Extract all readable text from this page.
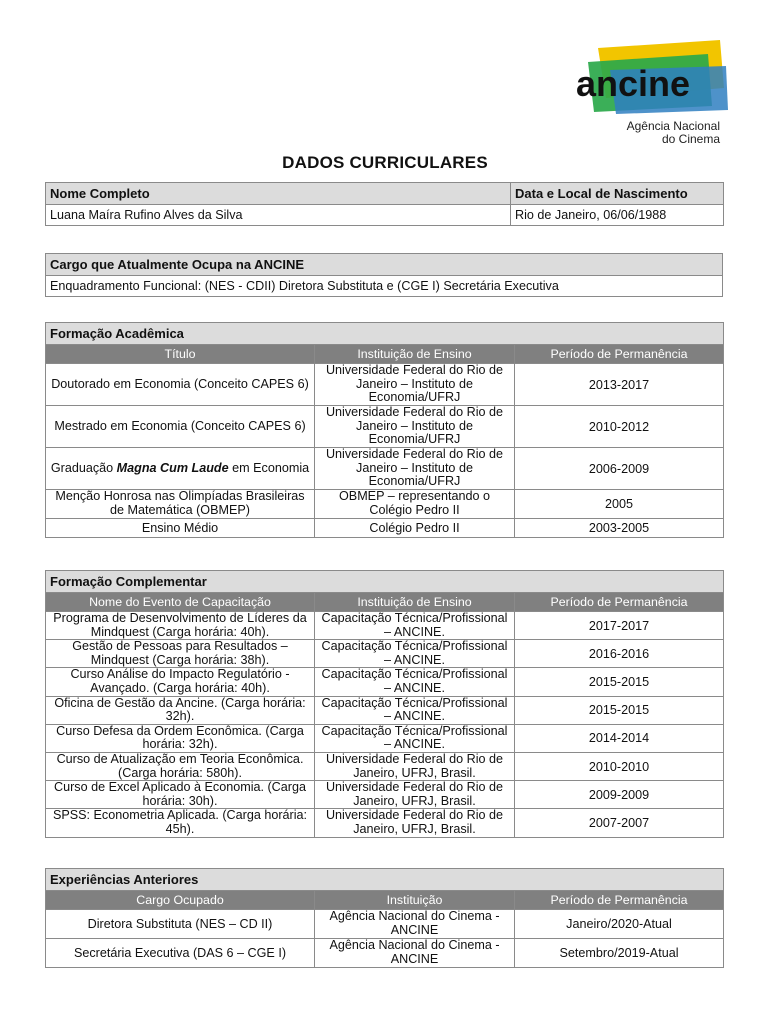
ancine
Agência Nacional
do Cinema
DADOS CURRICULARES
Nome Completo	Data e Local de Nascimento
Luana Maíra Rufino Alves da Silva	Rio de Janeiro, 06/06/1988
Cargo que Atualmente Ocupa na ANCINE
Enquadramento Funcional: (NES - CDII) Diretora Substituta e (CGE I) Secretária Executiva
Formação Acadêmica		
Título	Instituição de Ensino	Período de Permanência
Doutorado em Economia (Conceito CAPES 6)	Universidade Federal do Rio de Janeiro – Instituto de Economia/UFRJ	2013-2017
Mestrado em Economia (Conceito CAPES 6)	Universidade Federal do Rio de Janeiro – Instituto de Economia/UFRJ	2010-2012
Graduação Magna Cum Laude em Economia	Universidade Federal do Rio de Janeiro – Instituto de Economia/UFRJ	2006-2009
Menção Honrosa nas Olimpíadas Brasileiras de Matemática (OBMEP)	OBMEP – representando o Colégio Pedro II	2005
Ensino Médio	Colégio Pedro II	2003-2005
Formação Complementar		
Nome do Evento de Capacitação	Instituição de Ensino	Período de Permanência
Programa de Desenvolvimento de Líderes da Mindquest (Carga horária: 40h).	Capacitação Técnica/Profissional – ANCINE.	2017-2017
Gestão de Pessoas para Resultados – Mindquest (Carga horária: 38h).	Capacitação Técnica/Profissional – ANCINE.	2016-2016
Curso Análise do Impacto Regulatório - Avançado. (Carga horária: 40h).	Capacitação Técnica/Profissional – ANCINE.	2015-2015
Oficina de Gestão da Ancine. (Carga horária: 32h).	Capacitação Técnica/Profissional – ANCINE.	2015-2015
Curso Defesa da Ordem Econômica. (Carga horária: 32h).	Capacitação Técnica/Profissional – ANCINE.	2014-2014
Curso de Atualização em Teoria Econômica. (Carga horária: 580h).	Universidade Federal do Rio de Janeiro, UFRJ, Brasil.	2010-2010
Curso de Excel Aplicado à Economia. (Carga horária: 30h).	Universidade Federal do Rio de Janeiro, UFRJ, Brasil.	2009-2009
SPSS: Econometria Aplicada. (Carga horária: 45h).	Universidade Federal do Rio de Janeiro, UFRJ, Brasil.	2007-2007
Experiências Anteriores		
Cargo Ocupado	Instituição	Período de Permanência
Diretora Substituta (NES – CD II)	Agência Nacional do Cinema - ANCINE	Janeiro/2020-Atual
Secretária Executiva (DAS 6 – CGE I)	Agência Nacional do Cinema - ANCINE	Setembro/2019-Atual
